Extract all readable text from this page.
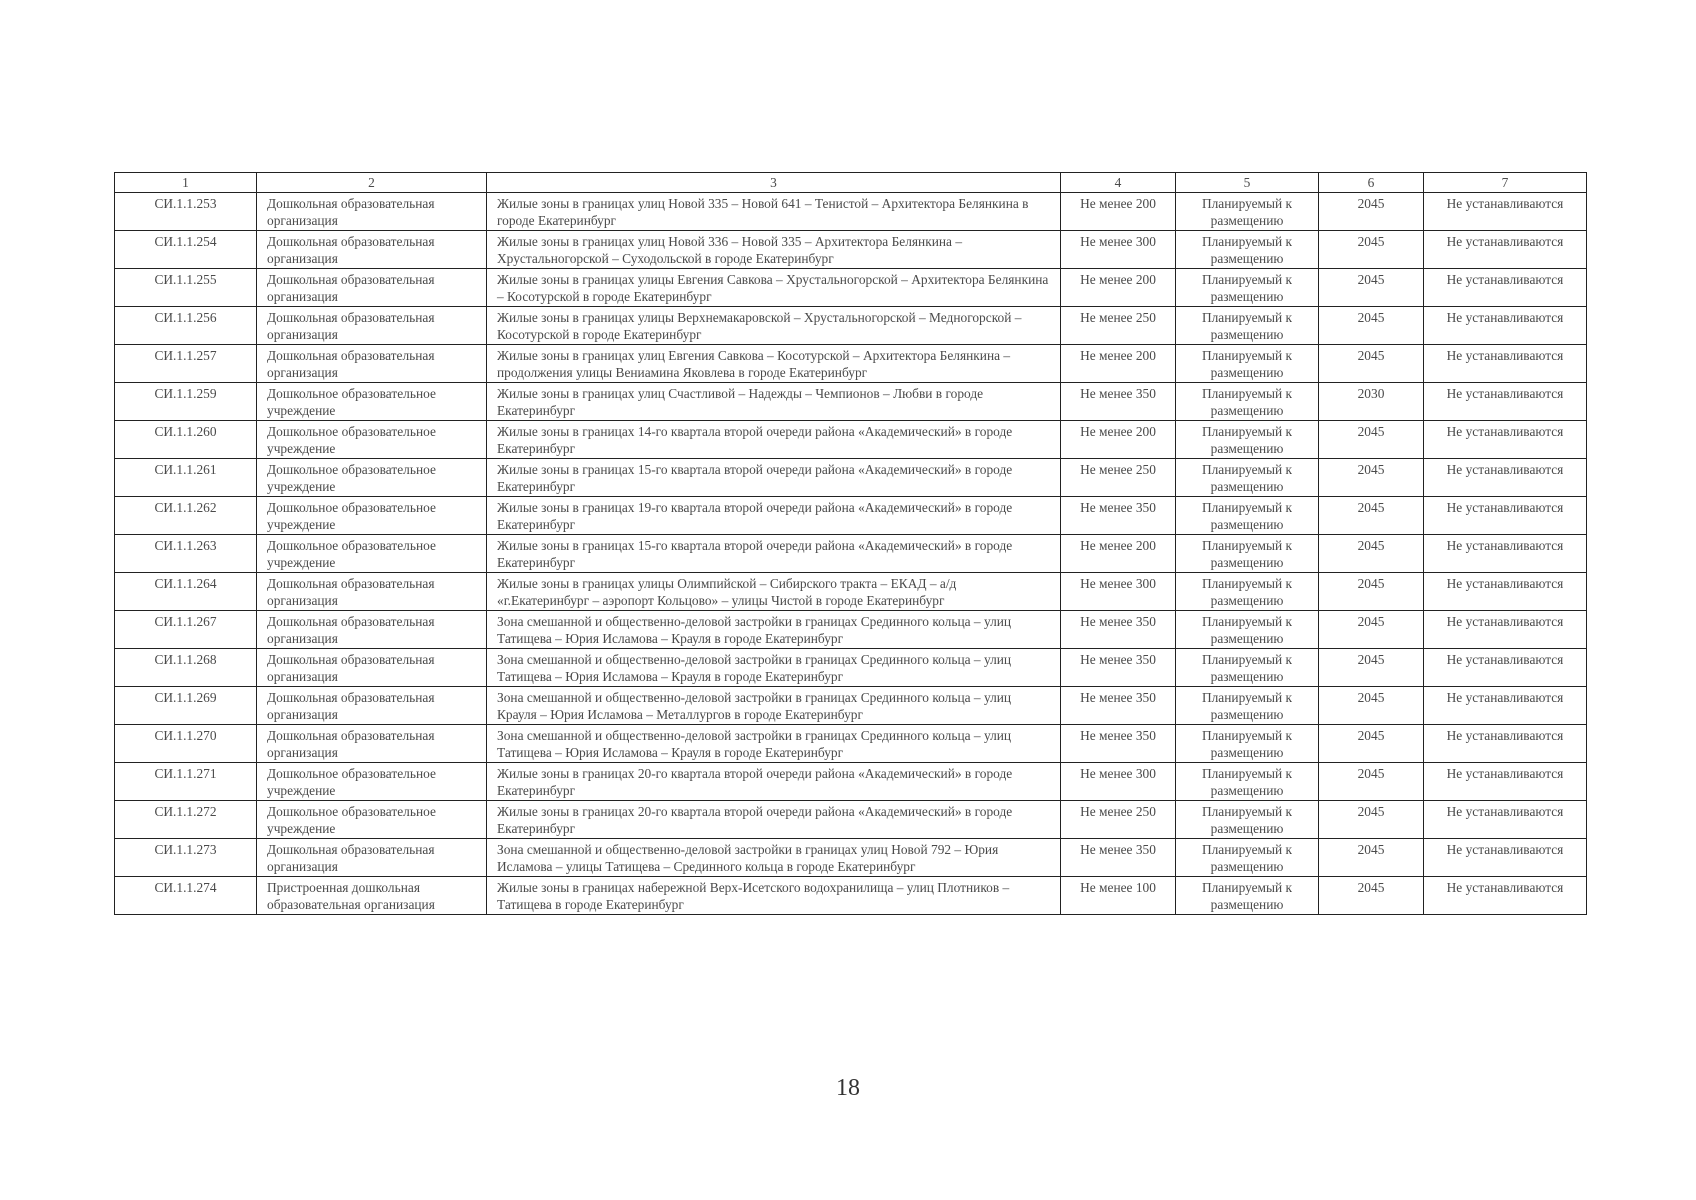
1	2	3	4	5	6	7
СИ.1.1.253	Дошкольная образовательная организация	Жилые зоны в границах улиц Новой 335 – Новой 641 – Тенистой – Архитектора Белянкина в городе Екатеринбург	Не менее 200	Планируемый к размещению	2045	Не устанавливаются
СИ.1.1.254	Дошкольная образовательная организация	Жилые зоны в границах улиц Новой 336 – Новой 335 – Архитектора Белянкина – Хрустальногорской – Суходольской в городе Екатеринбург	Не менее 300	Планируемый к размещению	2045	Не устанавливаются
СИ.1.1.255	Дошкольная образовательная организация	Жилые зоны в границах улицы Евгения Савкова – Хрустальногорской – Архитектора Белянкина – Косотурской в городе Екатеринбург	Не менее 200	Планируемый к размещению	2045	Не устанавливаются
СИ.1.1.256	Дошкольная образовательная организация	Жилые зоны в границах улицы Верхнемакаровской – Хрустальногорской – Медногорской – Косотурской в городе Екатеринбург	Не менее 250	Планируемый к размещению	2045	Не устанавливаются
СИ.1.1.257	Дошкольная образовательная организация	Жилые зоны в границах улиц Евгения Савкова – Косотурской – Архитектора Белянкина – продолжения улицы Вениамина Яковлева в городе Екатеринбург	Не менее 200	Планируемый к размещению	2045	Не устанавливаются
СИ.1.1.259	Дошкольное образовательное учреждение	Жилые зоны в границах улиц Счастливой – Надежды – Чемпионов – Любви в городе Екатеринбург	Не менее 350	Планируемый к размещению	2030	Не устанавливаются
СИ.1.1.260	Дошкольное образовательное учреждение	Жилые зоны в границах 14-го квартала второй очереди района «Академический» в городе Екатеринбург	Не менее 200	Планируемый к размещению	2045	Не устанавливаются
СИ.1.1.261	Дошкольное образовательное учреждение	Жилые зоны в границах 15-го квартала второй очереди района «Академический» в городе Екатеринбург	Не менее 250	Планируемый к размещению	2045	Не устанавливаются
СИ.1.1.262	Дошкольное образовательное учреждение	Жилые зоны в границах 19-го квартала второй очереди района «Академический» в городе Екатеринбург	Не менее 350	Планируемый к размещению	2045	Не устанавливаются
СИ.1.1.263	Дошкольное образовательное учреждение	Жилые зоны в границах 15-го квартала второй очереди района «Академический» в городе Екатеринбург	Не менее 200	Планируемый к размещению	2045	Не устанавливаются
СИ.1.1.264	Дошкольная образовательная организация	Жилые зоны в границах улицы Олимпийской – Сибирского тракта – ЕКАД – а/д «г.Екатеринбург – аэропорт Кольцово» – улицы Чистой в городе Екатеринбург	Не менее 300	Планируемый к размещению	2045	Не устанавливаются
СИ.1.1.267	Дошкольная образовательная организация	Зона смешанной и общественно-деловой застройки в границах Срединного кольца – улиц Татищева – Юрия Исламова – Крауля в городе Екатеринбург	Не менее 350	Планируемый к размещению	2045	Не устанавливаются
СИ.1.1.268	Дошкольная образовательная организация	Зона смешанной и общественно-деловой застройки в границах Срединного кольца – улиц Татищева – Юрия Исламова – Крауля в городе Екатеринбург	Не менее 350	Планируемый к размещению	2045	Не устанавливаются
СИ.1.1.269	Дошкольная образовательная организация	Зона смешанной и общественно-деловой застройки в границах Срединного кольца – улиц Крауля – Юрия Исламова – Металлургов в городе Екатеринбург	Не менее 350	Планируемый к размещению	2045	Не устанавливаются
СИ.1.1.270	Дошкольная образовательная организация	Зона смешанной и общественно-деловой застройки в границах Срединного кольца – улиц Татищева – Юрия Исламова – Крауля в городе Екатеринбург	Не менее 350	Планируемый к размещению	2045	Не устанавливаются
СИ.1.1.271	Дошкольное образовательное учреждение	Жилые зоны в границах 20-го квартала второй очереди района «Академический» в городе Екатеринбург	Не менее 300	Планируемый к размещению	2045	Не устанавливаются
СИ.1.1.272	Дошкольное образовательное учреждение	Жилые зоны в границах 20-го квартала второй очереди района «Академический» в городе Екатеринбург	Не менее 250	Планируемый к размещению	2045	Не устанавливаются
СИ.1.1.273	Дошкольная образовательная организация	Зона смешанной и общественно-деловой застройки в границах улиц Новой 792 – Юрия Исламова – улицы Татищева – Срединного кольца в городе Екатеринбург	Не менее 350	Планируемый к размещению	2045	Не устанавливаются
СИ.1.1.274	Пристроенная дошкольная образовательная организация	Жилые зоны в границах набережной Верх-Исетского водохранилища – улиц Плотников – Татищева в городе Екатеринбург	Не менее 100	Планируемый к размещению	2045	Не устанавливаются
18
